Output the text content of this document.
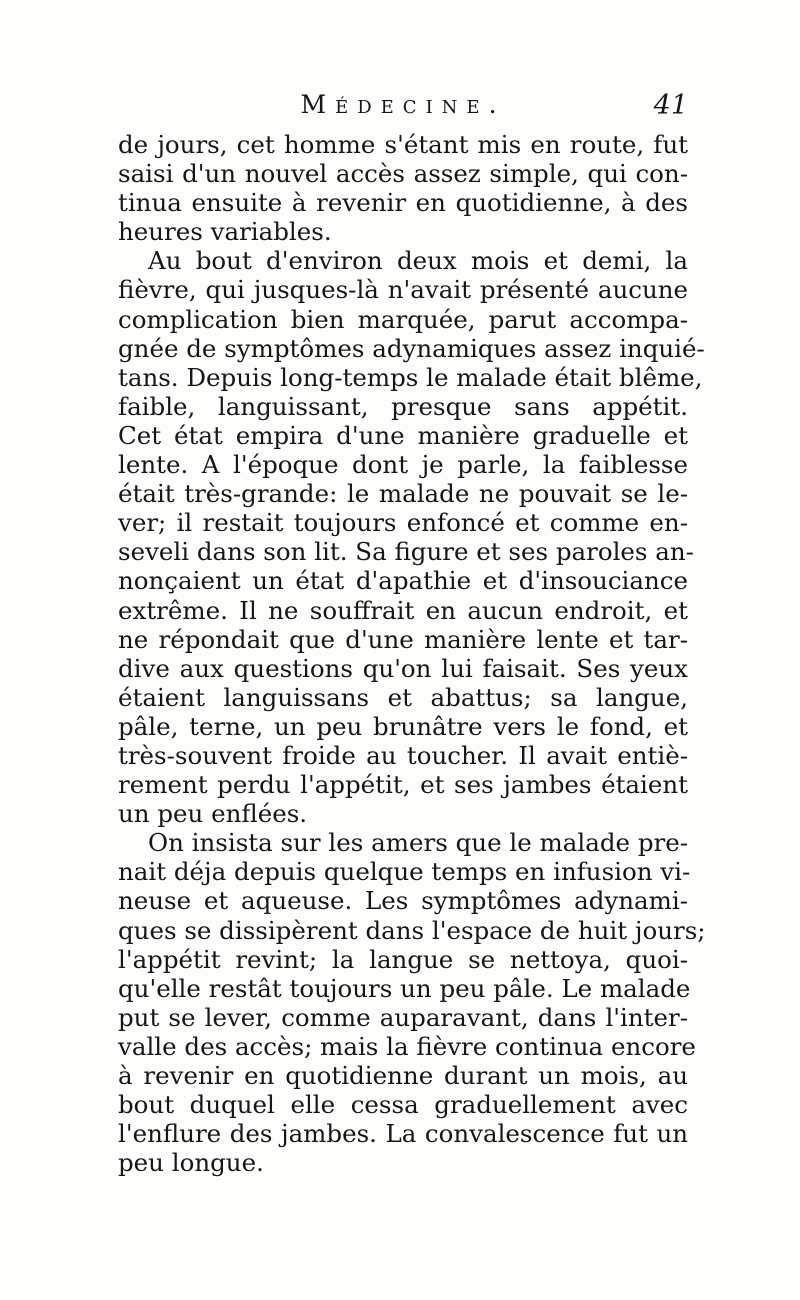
Médecine.	41
de jours, cet homme s'étant mis en route, fut
saisi d'un nouvel accès assez simple, qui con-
tinua ensuite à revenir en quotidienne, à des
heures variables.
Au bout d'environ deux mois et demi, la
fièvre, qui jusques-là n'avait présenté aucune
complication bien marquée, parut accompa-
gnée de symptômes adynamiques assez inquié-
tans. Depuis long-temps le malade était blême,
faible, languissant, presque sans appétit.
Cet état empira d'une manière graduelle et
lente. A l'époque dont je parle, la faiblesse
était très-grande: le malade ne pouvait se le-
ver; il restait toujours enfoncé et comme en-
seveli dans son lit. Sa figure et ses paroles an-
nonçaient un état d'apathie et d'insouciance
extrême. Il ne souffrait en aucun endroit, et
ne répondait que d'une manière lente et tar-
dive aux questions qu'on lui faisait. Ses yeux
étaient languissans et abattus; sa langue,
pâle, terne, un peu brunâtre vers le fond, et
très-souvent froide au toucher. Il avait entiè-
rement perdu l'appétit, et ses jambes étaient
un peu enflées.
On insista sur les amers que le malade pre-
nait déja depuis quelque temps en infusion vi-
neuse et aqueuse. Les symptômes adynami-
ques se dissipèrent dans l'espace de huit jours;
l'appétit revint; la langue se nettoya, quoi-
qu'elle restât toujours un peu pâle. Le malade
put se lever, comme auparavant, dans l'inter-
valle des accès; mais la fièvre continua encore
à revenir en quotidienne durant un mois, au
bout duquel elle cessa graduellement avec
l'enflure des jambes. La convalescence fut un
peu longue.
